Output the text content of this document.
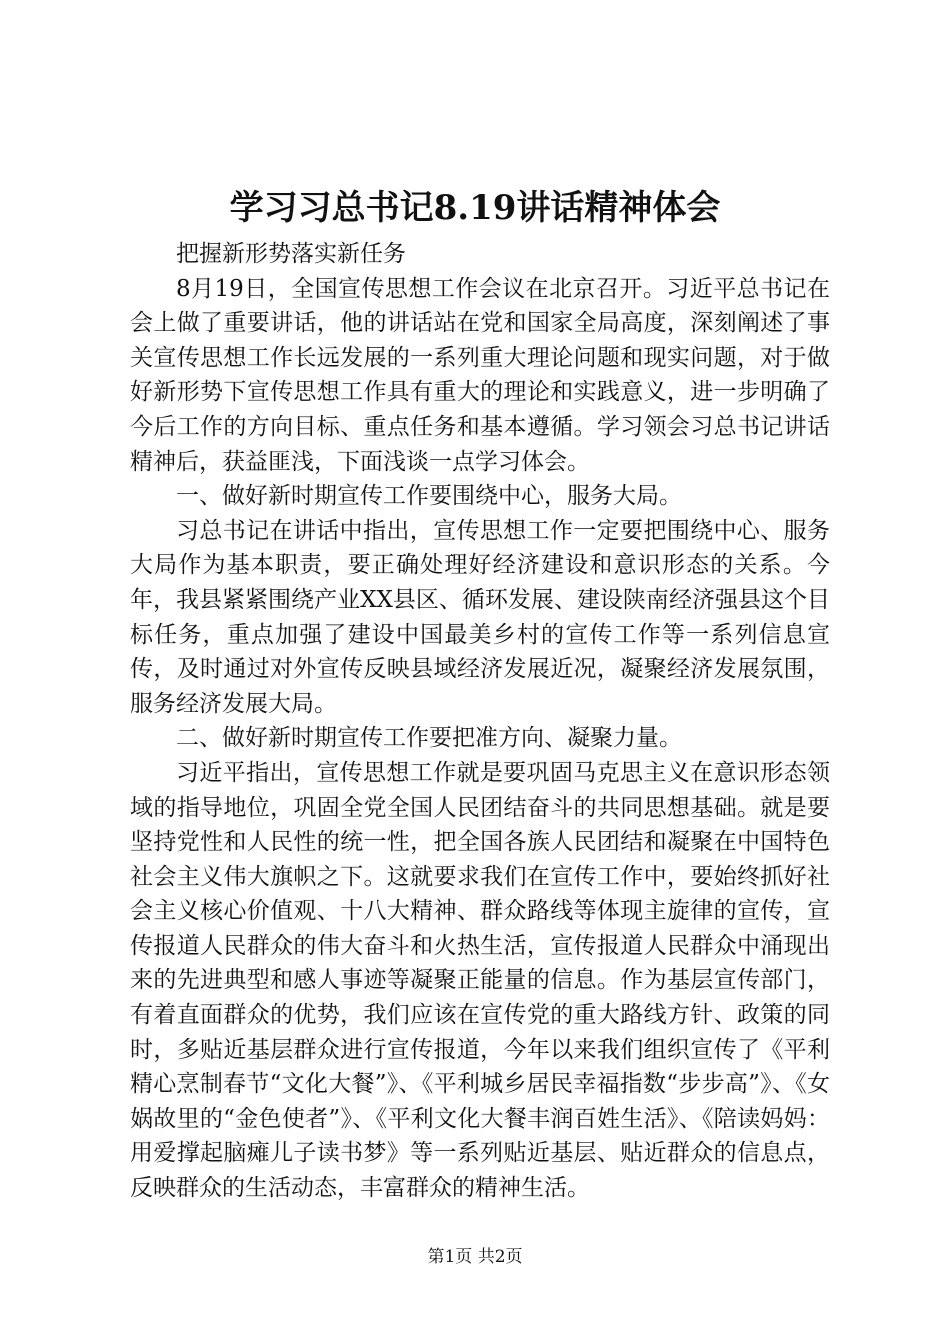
学习习总书记8.19讲话精神体会

把握新形势落实新任务

8月19日，全国宣传思想工作会议在北京召开。习近平总书记在会上做了重要讲话，他的讲话站在党和国家全局高度，深刻阐述了事关宣传思想工作长远发展的一系列重大理论问题和现实问题，对于做好新形势下宣传思想工作具有重大的理论和实践意义，进一步明确了今后工作的方向目标、重点任务和基本遵循。学习领会习总书记讲话精神后，获益匪浅，下面浅谈一点学习体会。

一、做好新时期宣传工作要围绕中心，服务大局。

习总书记在讲话中指出，宣传思想工作一定要把围绕中心、服务大局作为基本职责，要正确处理好经济建设和意识形态的关系。今年，我县紧紧围绕产业XX县区、循环发展、建设陕南经济强县这个目标任务，重点加强了建设中国最美乡村的宣传工作等一系列信息宣传，及时通过对外宣传反映县域经济发展近况，凝聚经济发展氛围，服务经济发展大局。

二、做好新时期宣传工作要把准方向、凝聚力量。

习近平指出，宣传思想工作就是要巩固马克思主义在意识形态领域的指导地位，巩固全党全国人民团结奋斗的共同思想基础。就是要坚持党性和人民性的统一性，把全国各族人民团结和凝聚在中国特色社会主义伟大旗帜之下。这就要求我们在宣传工作中，要始终抓好社会主义核心价值观、十八大精神、群众路线等体现主旋律的宣传，宣传报道人民群众的伟大奋斗和火热生活，宣传报道人民群众中涌现出来的先进典型和感人事迹等凝聚正能量的信息。作为基层宣传部门，有着直面群众的优势，我们应该在宣传党的重大路线方针、政策的同时，多贴近基层群众进行宣传报道，今年以来我们组织宣传了《平利精心烹制春节“文化大餐”》、《平利城乡居民幸福指数“步步高”》、《女娲故里的“金色使者”》、《平利文化大餐丰润百姓生活》、《陪读妈妈：用爱撑起脑瘫儿子读书梦》等一系列贴近基层、贴近群众的信息点，反映群众的生活动态，丰富群众的精神生活。

第1页 共2页
